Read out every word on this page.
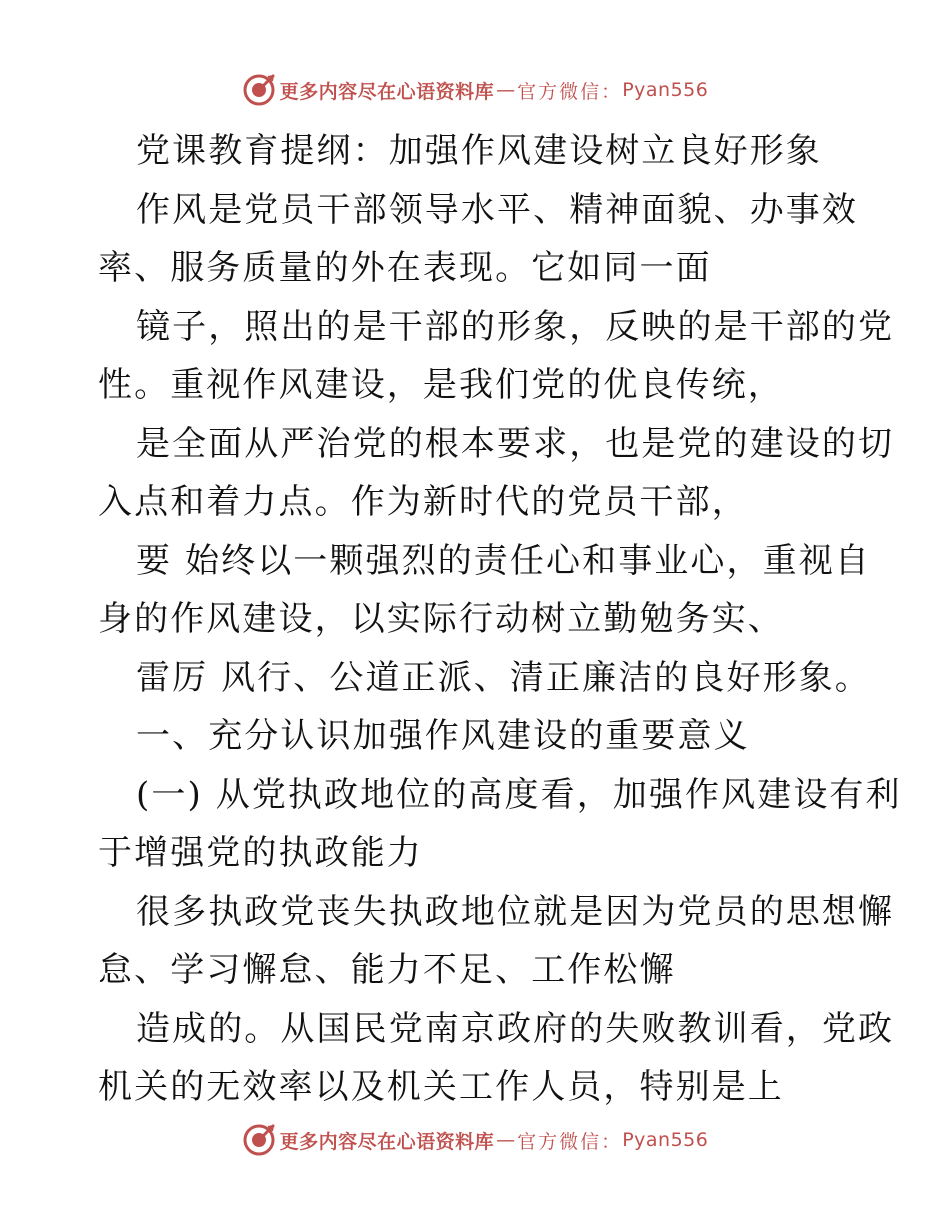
更多内容尽在心语资料库 — 官方微信： Pyan556
党课教育提纲：加强作风建设树立良好形象
作风是党员干部领导水平、精神面貌、办事效
率、服务质量的外在表现。它如同一面
镜子，照出的是干部的形象，反映的是干部的党
性。重视作风建设，是我们党的优良传统，
是全面从严治党的根本要求，也是党的建设的切
入点和着力点。作为新时代的党员干部，
要 始终以一颗强烈的责任心和事业心，重视自
身的作风建设，以实际行动树立勤勉务实、
雷厉 风行、公道正派、清正廉洁的良好形象。
一、充分认识加强作风建设的重要意义
(一) 从党执政地位的高度看，加强作风建设有利
于增强党的执政能力
很多执政党丧失执政地位就是因为党员的思想懈
怠、学习懈怠、能力不足、工作松懈
造成的。从国民党南京政府的失败教训看，党政
机关的无效率以及机关工作人员，特别是上
更多内容尽在心语资料库 — 官方微信： Pyan556
